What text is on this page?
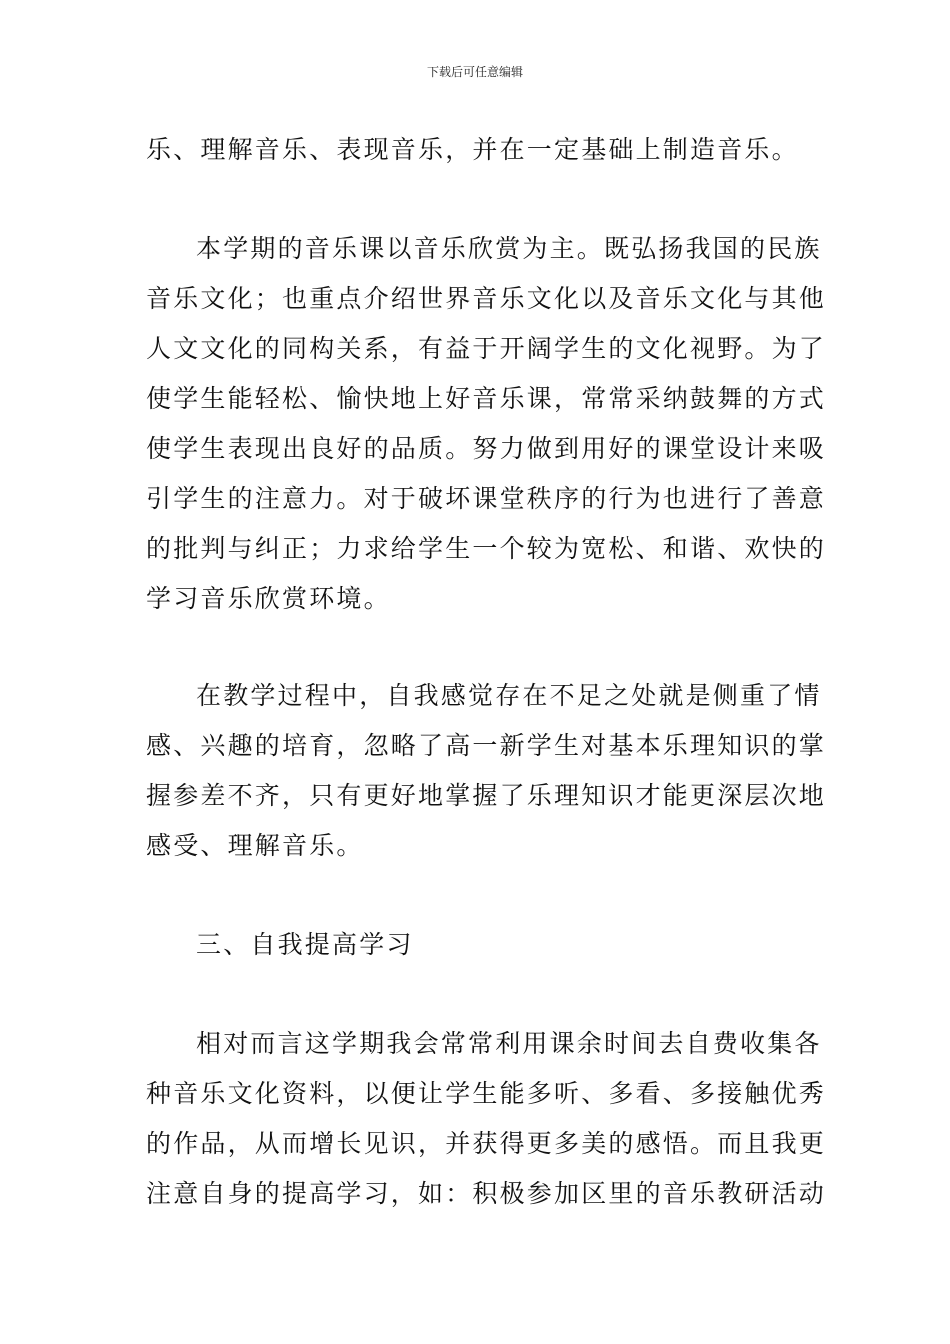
下载后可任意编辑
乐、理解音乐、表现音乐，并在一定基础上制造音乐。
本学期的音乐课以音乐欣赏为主。既弘扬我国的民族
音乐文化；也重点介绍世界音乐文化以及音乐文化与其他
人文文化的同构关系，有益于开阔学生的文化视野。为了
使学生能轻松、愉快地上好音乐课，常常采纳鼓舞的方式
使学生表现出良好的品质。努力做到用好的课堂设计来吸
引学生的注意力。对于破坏课堂秩序的行为也进行了善意
的批判与纠正；力求给学生一个较为宽松、和谐、欢快的
学习音乐欣赏环境。
在教学过程中，自我感觉存在不足之处就是侧重了情
感、兴趣的培育，忽略了高一新学生对基本乐理知识的掌
握参差不齐，只有更好地掌握了乐理知识才能更深层次地
感受、理解音乐。
三、自我提高学习
相对而言这学期我会常常利用课余时间去自费收集各
种音乐文化资料，以便让学生能多听、多看、多接触优秀
的作品，从而增长见识，并获得更多美的感悟。而且我更
注意自身的提高学习，如：积极参加区里的音乐教研活动
